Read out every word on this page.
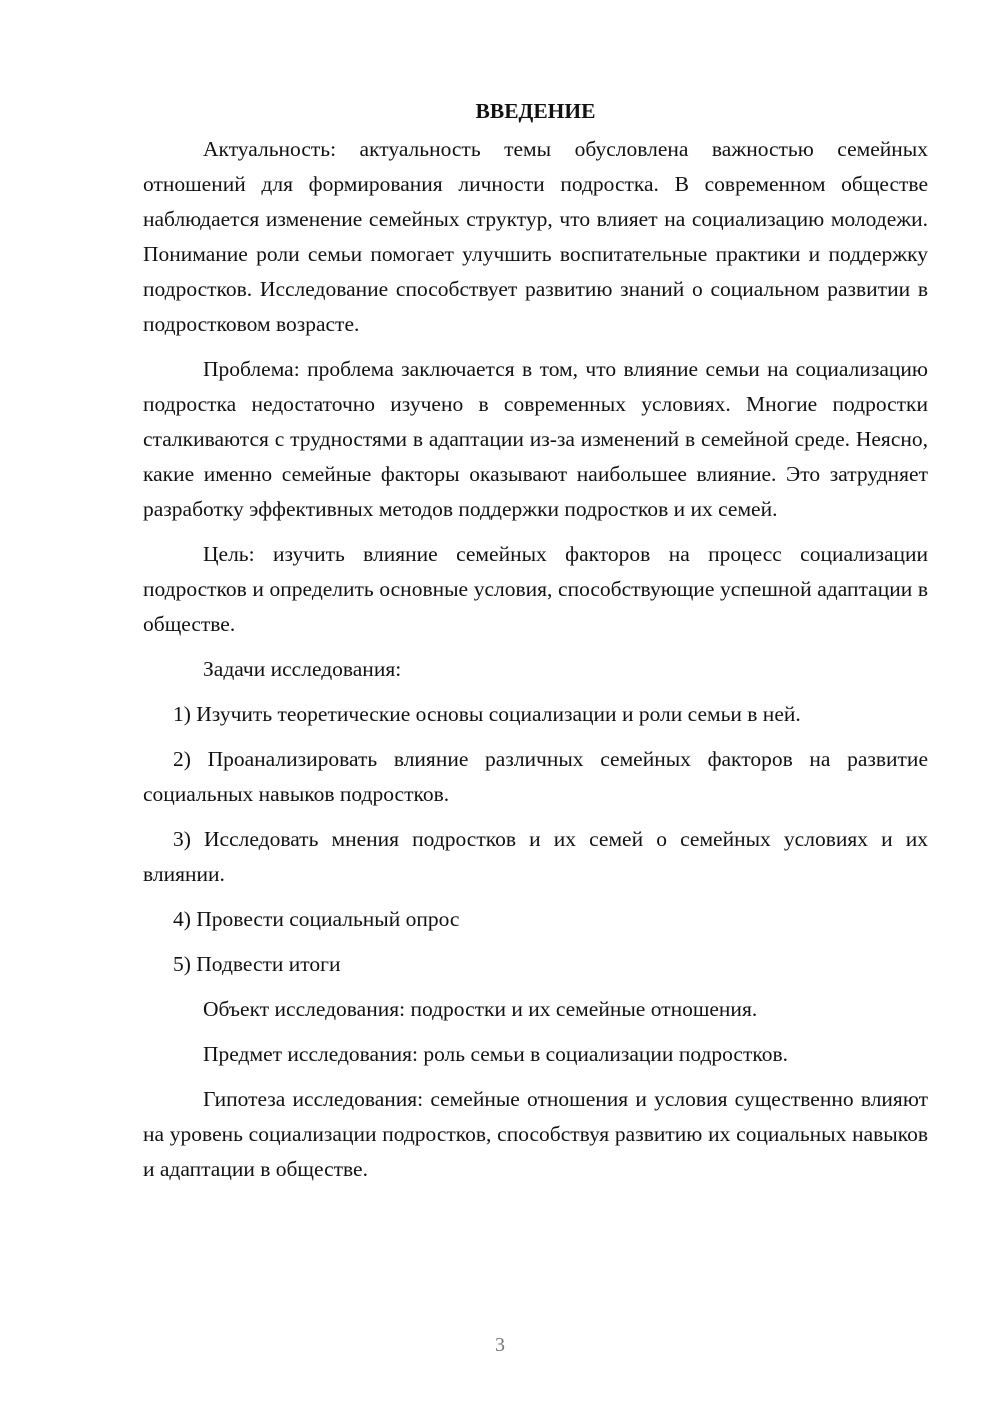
ВВЕДЕНИЕ

Актуальность: актуальность темы обусловлена важностью семейных отношений для формирования личности подростка. В современном обществе наблюдается изменение семейных структур, что влияет на социализацию молодежи. Понимание роли семьи помогает улучшить воспитательные практики и поддержку подростков. Исследование способствует развитию знаний о социальном развитии в подростковом возрасте.

Проблема: проблема заключается в том, что влияние семьи на социализацию подростка недостаточно изучено в современных условиях. Многие подростки сталкиваются с трудностями в адаптации из-за изменений в семейной среде. Неясно, какие именно семейные факторы оказывают наибольшее влияние. Это затрудняет разработку эффективных методов поддержки подростков и их семей.

Цель: изучить влияние семейных факторов на процесс социализации подростков и определить основные условия, способствующие успешной адаптации в обществе.

Задачи исследования:

1) Изучить теоретические основы социализации и роли семьи в ней.

2) Проанализировать влияние различных семейных факторов на развитие социальных навыков подростков.

3) Исследовать мнения подростков и их семей о семейных условиях и их влиянии.

4) Провести социальный опрос

5) Подвести итоги

Объект исследования: подростки и их семейные отношения.

Предмет исследования: роль семьи в социализации подростков.

Гипотеза исследования: семейные отношения и условия существенно влияют на уровень социализации подростков, способствуя развитию их социальных навыков и адаптации в обществе.

3
